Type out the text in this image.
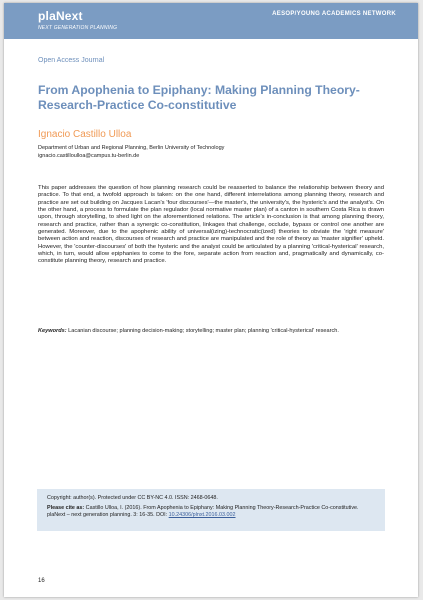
plaNext
NEXT GENERATION PLANNING
AESOP/YOUNG ACADEMICS NETWORK
Open Access Journal
From Apophenia to Epiphany: Making Planning Theory-Research-Practice Co-constitutive
Ignacio Castillo Ulloa
Department of Urban and Regional Planning, Berlin University of Technology
ignacio.castilloulloa@campus.tu-berlin.de

This paper addresses the question of how planning research could be reasserted to balance the relationship between theory and practice. To that end, a twofold approach is taken: on the one hand, different interrelations among planning theory, research and practice are set out building on Jacques Lacan's 'four discourses'—the master's, the university's, the hysteric's and the analyst's. On the other hand, a process to formulate the plan regulador (local normative master plan) of a canton in southern Costa Rica is drawn upon, through storytelling, to shed light on the aforementioned relations. The article's in-conclusion is that among planning theory, research and practice, rather than a synergic co-constitution, linkages that challenge, occlude, bypass or control one another are generated. Moreover, due to the apophenic ability of universal(izing)-technocratic(ized) theories to obviate the 'right measure' between action and reaction, discourses of research and practice are manipulated and the role of theory as 'master signifier' upheld. However, the 'counter-discourses' of both the hysteric and the analyst could be articulated by a planning 'critical-hysterical' research, which, in turn, would allow epiphanies to come to the fore, separate action from reaction and, pragmatically and dynamically, co-constitute planning theory, research and practice.

Keywords: Lacanian discourse; planning decision-making; storytelling; master plan; planning 'critical-hysterical' research.

Copyright: author(s). Protected under CC BY-NC 4.0. ISSN: 2468-0648.

Please cite as: Castillo Ulloa, I. (2016). From Apophenia to Epiphany: Making Planning Theory-Research-Practice Co-constitutive. plaNext – next generation planning. 3: 16-35. DOI: 10.24306/plnxt.2016.03.002

16
